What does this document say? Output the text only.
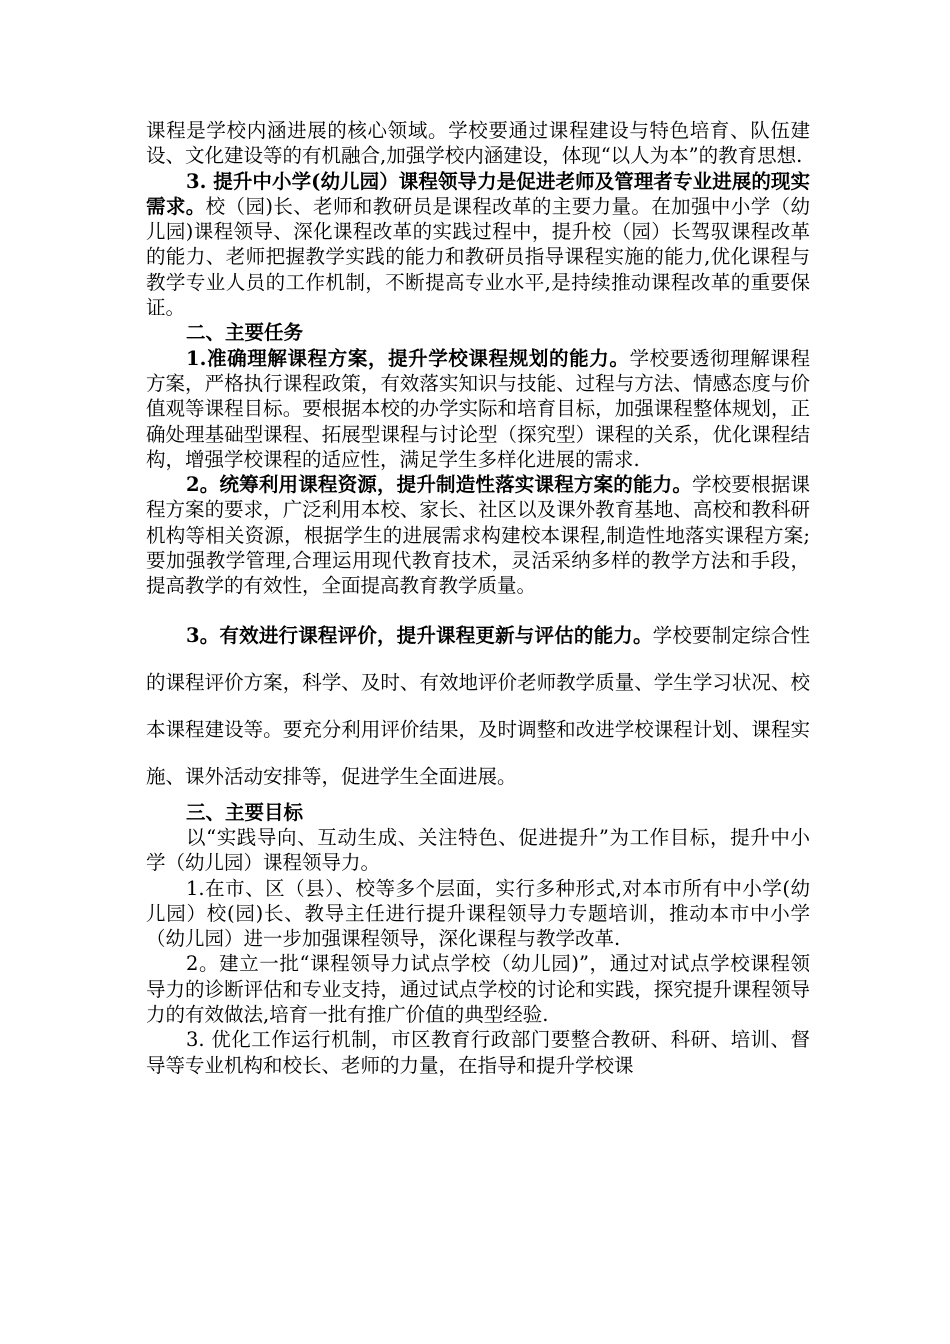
课程是学校内涵进展的核心领域。学校要通过课程建设与特色培育、队伍建设、文化建设等的有机融合,加强学校内涵建设，体现“以人为本”的教育思想.

3. 提升中小学(幼儿园）课程领导力是促进老师及管理者专业进展的现实需求。校（园)长、老师和教研员是课程改革的主要力量。在加强中小学（幼儿园)课程领导、深化课程改革的实践过程中，提升校（园）长驾驭课程改革的能力、老师把握教学实践的能力和教研员指导课程实施的能力,优化课程与教学专业人员的工作机制，不断提高专业水平,是持续推动课程改革的重要保证。

二、主要任务

1.准确理解课程方案，提升学校课程规划的能力。学校要透彻理解课程方案，严格执行课程政策，有效落实知识与技能、过程与方法、情感态度与价值观等课程目标。要根据本校的办学实际和培育目标，加强课程整体规划，正确处理基础型课程、拓展型课程与讨论型（探究型）课程的关系，优化课程结构，增强学校课程的适应性，满足学生多样化进展的需求.

2。统筹利用课程资源，提升制造性落实课程方案的能力。学校要根据课程方案的要求，广泛利用本校、家长、社区以及课外教育基地、高校和教科研机构等相关资源，根据学生的进展需求构建校本课程,制造性地落实课程方案;要加强教学管理,合理运用现代教育技术，灵活采纳多样的教学方法和手段，提高教学的有效性，全面提高教育教学质量。

3。有效进行课程评价，提升课程更新与评估的能力。学校要制定综合性的课程评价方案，科学、及时、有效地评价老师教学质量、学生学习状况、校本课程建设等。要充分利用评价结果，及时调整和改进学校课程计划、课程实施、课外活动安排等，促进学生全面进展。

三、主要目标

以“实践导向、互动生成、关注特色、促进提升”为工作目标，提升中小学（幼儿园）课程领导力。

1.在市、区（县）、校等多个层面，实行多种形式,对本市所有中小学(幼儿园）校(园)长、教导主任进行提升课程领导力专题培训，推动本市中小学（幼儿园）进一步加强课程领导，深化课程与教学改革.

2。建立一批“课程领导力试点学校（幼儿园)”，通过对试点学校课程领导力的诊断评估和专业支持，通过试点学校的讨论和实践，探究提升课程领导力的有效做法,培育一批有推广价值的典型经验.

3. 优化工作运行机制，市区教育行政部门要整合教研、科研、培训、督导等专业机构和校长、老师的力量，在指导和提升学校课
